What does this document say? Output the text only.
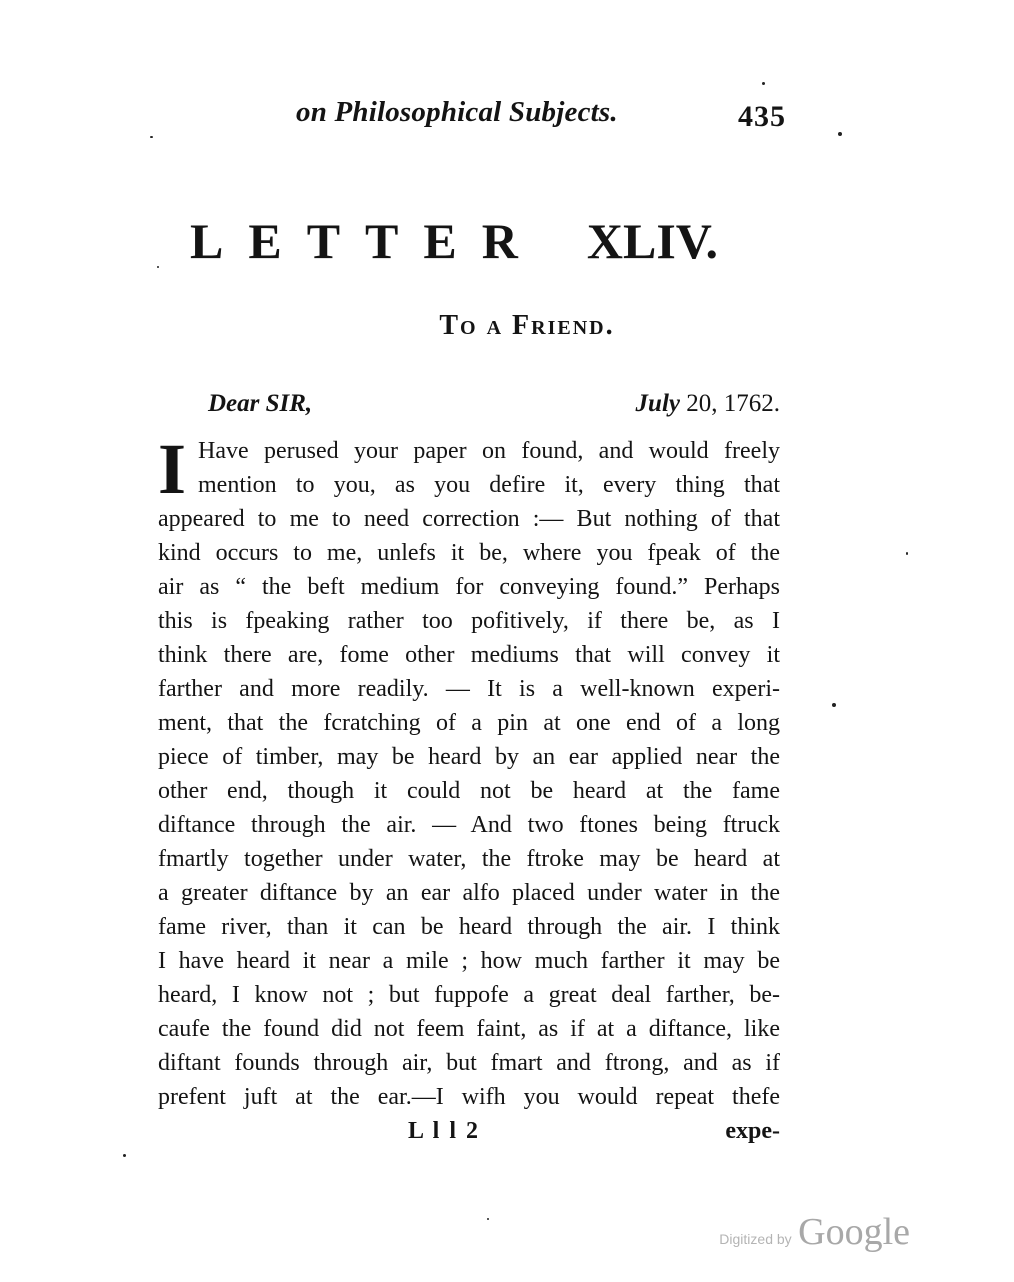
on Philosophical Subjects.	435
LETTER XLIV.
To a Friend.
Dear SIR,	July 20, 1762.
I Have perused your paper on found, and would freely
mention to you, as you defire it, every thing that
appeared to me to need correction :— But nothing of that
kind occurs to me, unlefs it be, where you fpeak of the
air as “ the beft medium for conveying found.” Perhaps
this is fpeaking rather too pofitively, if there be, as I
think there are, fome other mediums that will convey it
farther and more readily. — It is a well-known experi-
ment, that the fcratching of a pin at one end of a long
piece of timber, may be heard by an ear applied near the
other end, though it could not be heard at the fame
diftance through the air. — And two ftones being ftruck
fmartly together under water, the ftroke may be heard at
a greater diftance by an ear alfo placed under water in the
fame river, than it can be heard through the air. I think
I have heard it near a mile ; how much farther it may be
heard, I know not ; but fuppofe a great deal farther, be-
caufe the found did not feem faint, as if at a diftance, like
diftant founds through air, but fmart and ftrong, and as if
prefent juft at the ear.—I wifh you would repeat thefe
L l l 2	expe-
Digitized by Google
